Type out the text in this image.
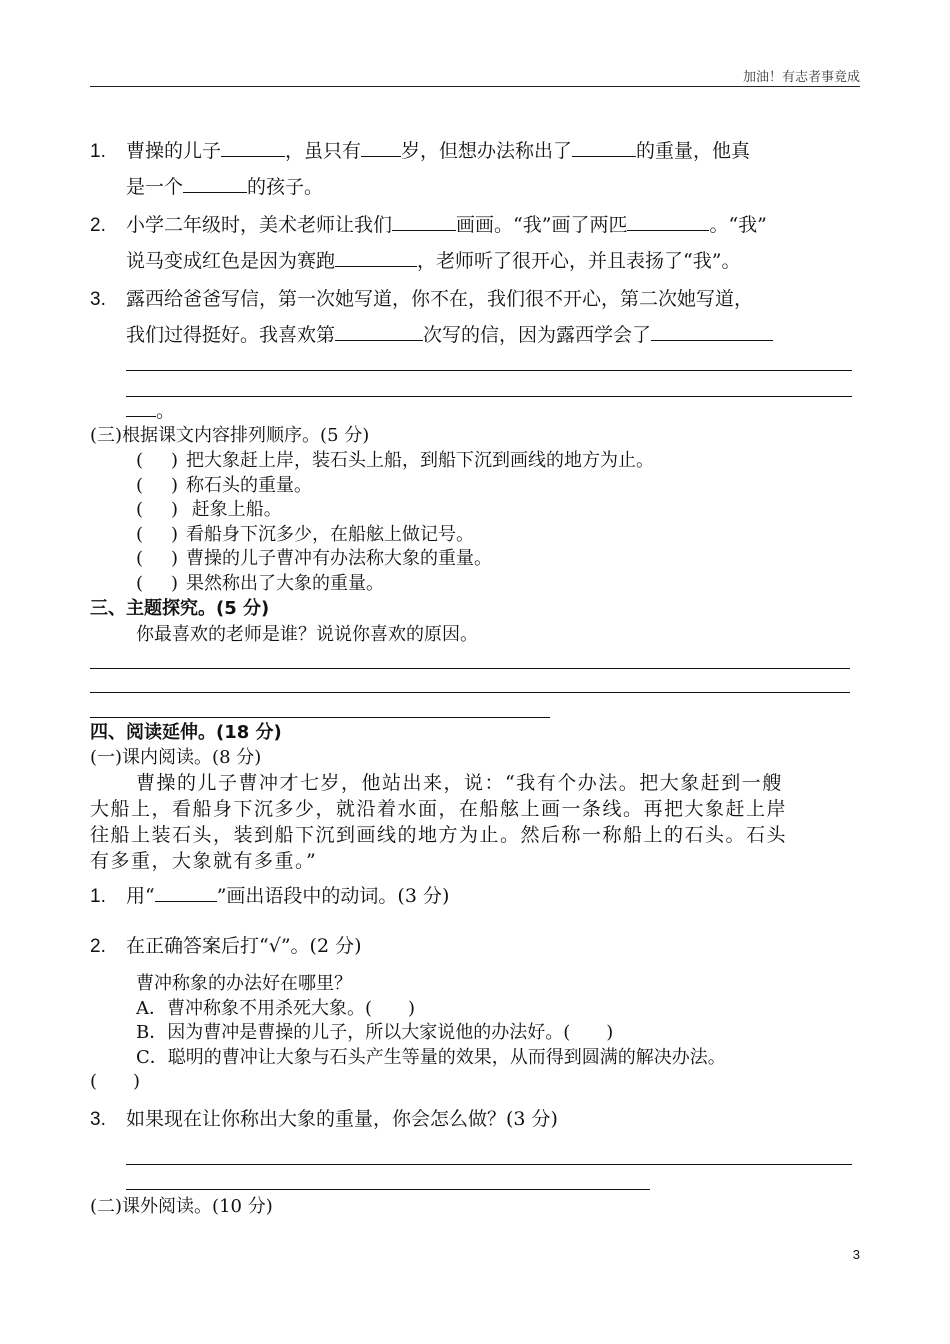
加油！有志者事竟成
1. 曹操的儿子	，虽只有 岁，但想办法称出了	的重量，他真
是一个	的孩子。
2. 小学二年级时，美术老师让我们	画画。“我”画了两匹	。“我”
说马变成红色是因为赛跑	，老师听了很开心，并且表扬了“我”。
3. 露西给爸爸写信，第一次她写道，你不在，我们很不开心，第二次她写道，
我们过得挺好。我喜欢第	次写的信，因为露西学会了
。
(三)根据课文内容排列顺序。(5 分)
( ) 把大象赶上岸，装石头上船，到船下沉到画线的地方为止。
( ) 称石头的重量。
( ) 赶象上船。
( ) 看船身下沉多少，在船舷上做记号。
( ) 曹操的儿子曹冲有办法称大象的重量。
( ) 果然称出了大象的重量。
三、主题探究。(5 分)
你最喜欢的老师是谁？说说你喜欢的原因。
四、阅读延伸。(18 分)
(一)课内阅读。(8 分)
曹操的儿子曹冲才七岁，他站出来，说：“我有个办法。把大象赶到一艘
大船上，看船身下沉多少，就沿着水面，在船舷上画一条线。再把大象赶上岸
往船上装石头，装到船下沉到画线的地方为止。然后称一称船上的石头。石头
有多重，大象就有多重。”
1. 用“	”画出语段中的动词。(3 分)
2. 在正确答案后打“√”。(2 分)
曹冲称象的办法好在哪里？
A．曹冲称象不用杀死大象。(　　)
B．因为曹冲是曹操的儿子，所以大家说他的办法好。(　　)
C．聪明的曹冲让大象与石头产生等量的效果，从而得到圆满的解决办法。
(　　)
3. 如果现在让你称出大象的重量，你会怎么做？(3 分)
(二)课外阅读。(10 分)
3
